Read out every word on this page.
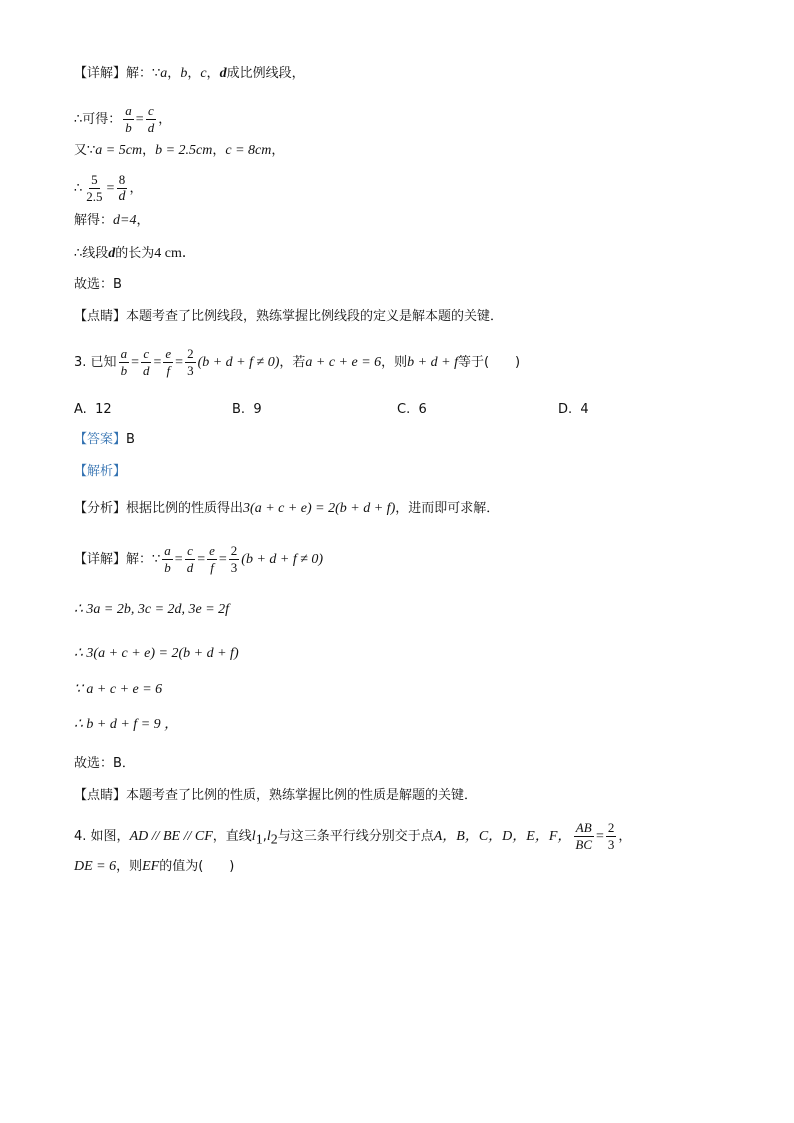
【详解】解：∵a，b，c，d成比例线段，
∴可得： $\frac{a}{b} = \frac{c}{d}$ ，
又∵a = 5cm，b = 2.5cm，c = 8cm，
∴ $\frac{5}{2.5} = \frac{8}{d}$ ，
解得：d=4，
∴线段d的长为4 cm．
故选：B
【点睛】本题考查了比例线段，熟练掌握比例线段的定义是解本题的关键．
3. 已知 $\frac{a}{b} = \frac{c}{d} = \frac{e}{f} = \frac{2}{3} (b + d + f \ne 0)$，若a + c + e = 6，则b + d + f等于(　　)
A. 12	B. 9	C. 6	D. 4
【答案】B
【解析】
【分析】根据比例的性质得出3(a + c + e) = 2(b + d + f)，进而即可求解．
【详解】解：∵ $\frac{a}{b} = \frac{c}{d} = \frac{e}{f} = \frac{2}{3} (b + d + f \ne 0)$
∴ 3a = 2b, 3c = 2d, 3e = 2f
∴ 3(a + c + e) = 2(b + d + f)
∵ a + c + e = 6
∴ b + d + f = 9 ，
故选：B．
【点睛】本题考查了比例的性质，熟练掌握比例的性质是解题的关键．
4. 如图，AD // BE // CF，直线$l_1,l_2$与这三条平行线分别交于点A，B，C，D，E，F， $\frac{AB}{BC} = \frac{2}{3}$ ，
DE = 6，则EF的值为(　　)
